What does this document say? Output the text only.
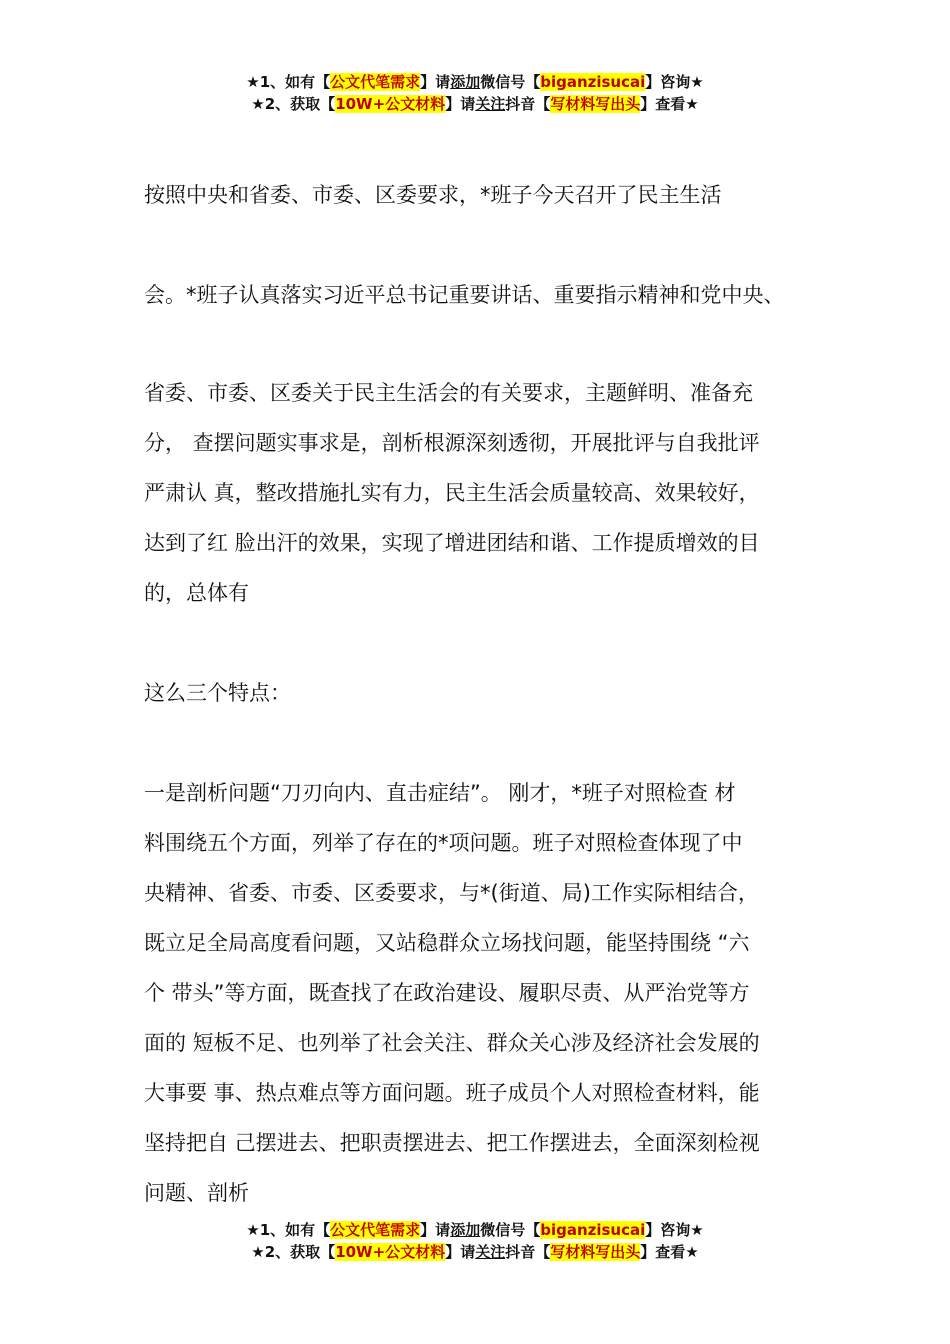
★1、如有【公文代笔需求】请添加微信号【biganzisucai】咨询★
★2、获取【10W+公文材料】请关注抖音【写材料写出头】查看★

按照中央和省委、市委、区委要求，*班子今天召开了民主生活

会。*班子认真落实习近平总书记重要讲话、重要指示精神和党中央、

省委、市委、区委关于民主生活会的有关要求，主题鲜明、准备充
分， 查摆问题实事求是，剖析根源深刻透彻，开展批评与自我批评
严肃认 真，整改措施扎实有力，民主生活会质量较高、效果较好，
达到了红 脸出汗的效果，实现了增进团结和谐、工作提质增效的目
的，总体有

这么三个特点：

一是剖析问题“刀刃向内、直击症结”。 刚才，*班子对照检查 材
料围绕五个方面，列举了存在的*项问题。班子对照检查体现了中
央精神、省委、市委、区委要求，与*(街道、局)工作实际相结合，
既立足全局高度看问题，又站稳群众立场找问题，能坚持围绕 “六
个 带头”等方面，既查找了在政治建设、履职尽责、从严治党等方
面的 短板不足、也列举了社会关注、群众关心涉及经济社会发展的
大事要 事、热点难点等方面问题。班子成员个人对照检查材料，能
坚持把自 己摆进去、把职责摆进去、把工作摆进去，全面深刻检视
问题、剖析

★1、如有【公文代笔需求】请添加微信号【biganzisucai】咨询★
★2、获取【10W+公文材料】请关注抖音【写材料写出头】查看★
